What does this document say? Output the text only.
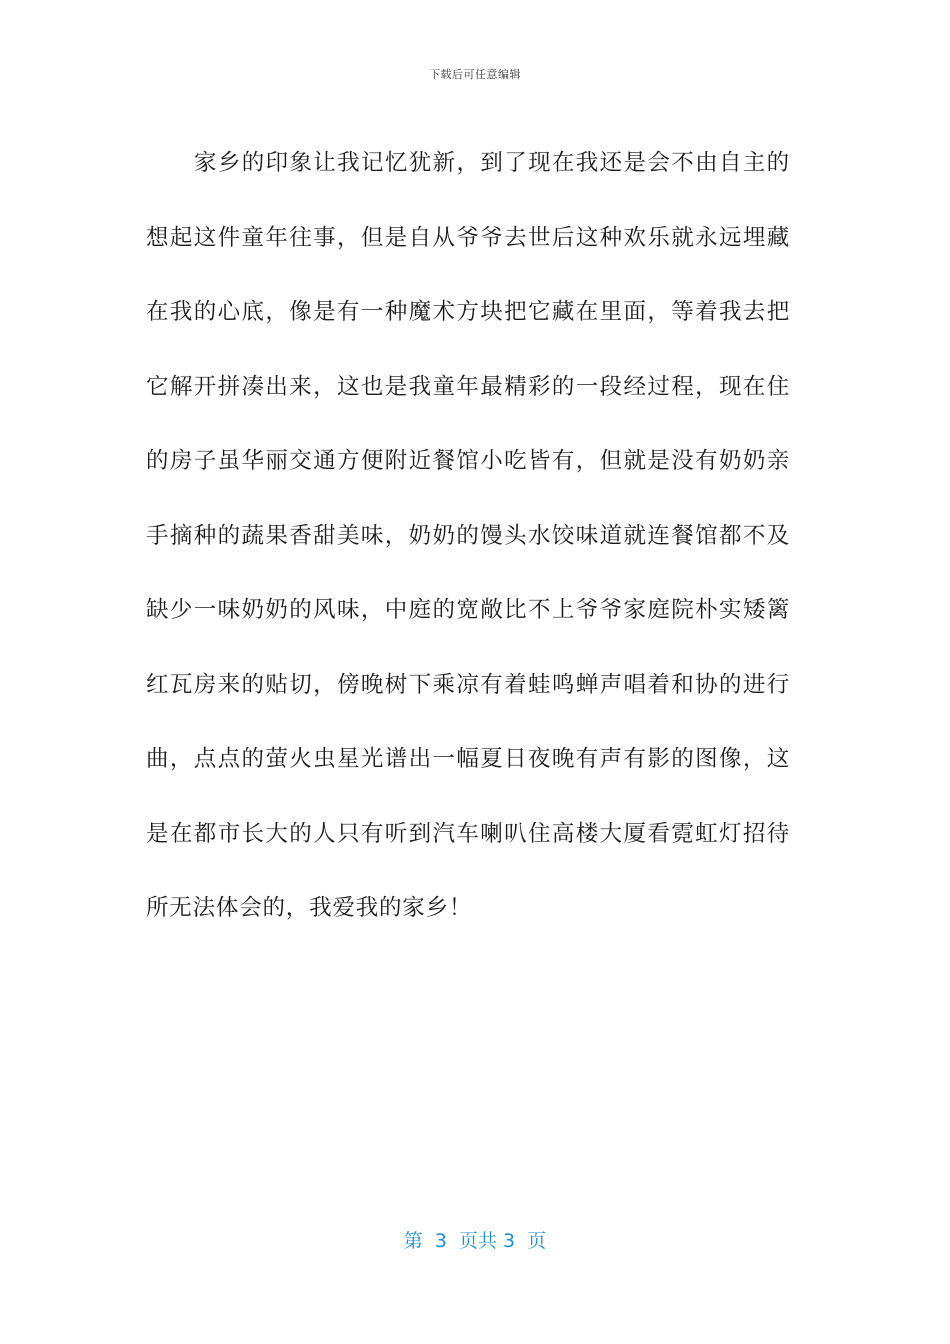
下载后可任意编辑

家乡的印象让我记忆犹新，到了现在我还是会不由自主的想起这件童年往事，但是自从爷爷去世后这种欢乐就永远埋藏在我的心底，像是有一种魔术方块把它藏在里面，等着我去把它解开拼凑出来，这也是我童年最精彩的一段经过程，现在住的房子虽华丽交通方便附近餐馆小吃皆有，但就是没有奶奶亲手摘种的蔬果香甜美味，奶奶的馒头水饺味道就连餐馆都不及缺少一味奶奶的风味，中庭的宽敞比不上爷爷家庭院朴实矮篱红瓦房来的贴切，傍晚树下乘凉有着蛙鸣蝉声唱着和协的进行曲，点点的萤火虫星光谱出一幅夏日夜晚有声有影的图像，这是在都市长大的人只有听到汽车喇叭住高楼大厦看霓虹灯招待所无法体会的，我爱我的家乡！

第  3  页共 3  页
